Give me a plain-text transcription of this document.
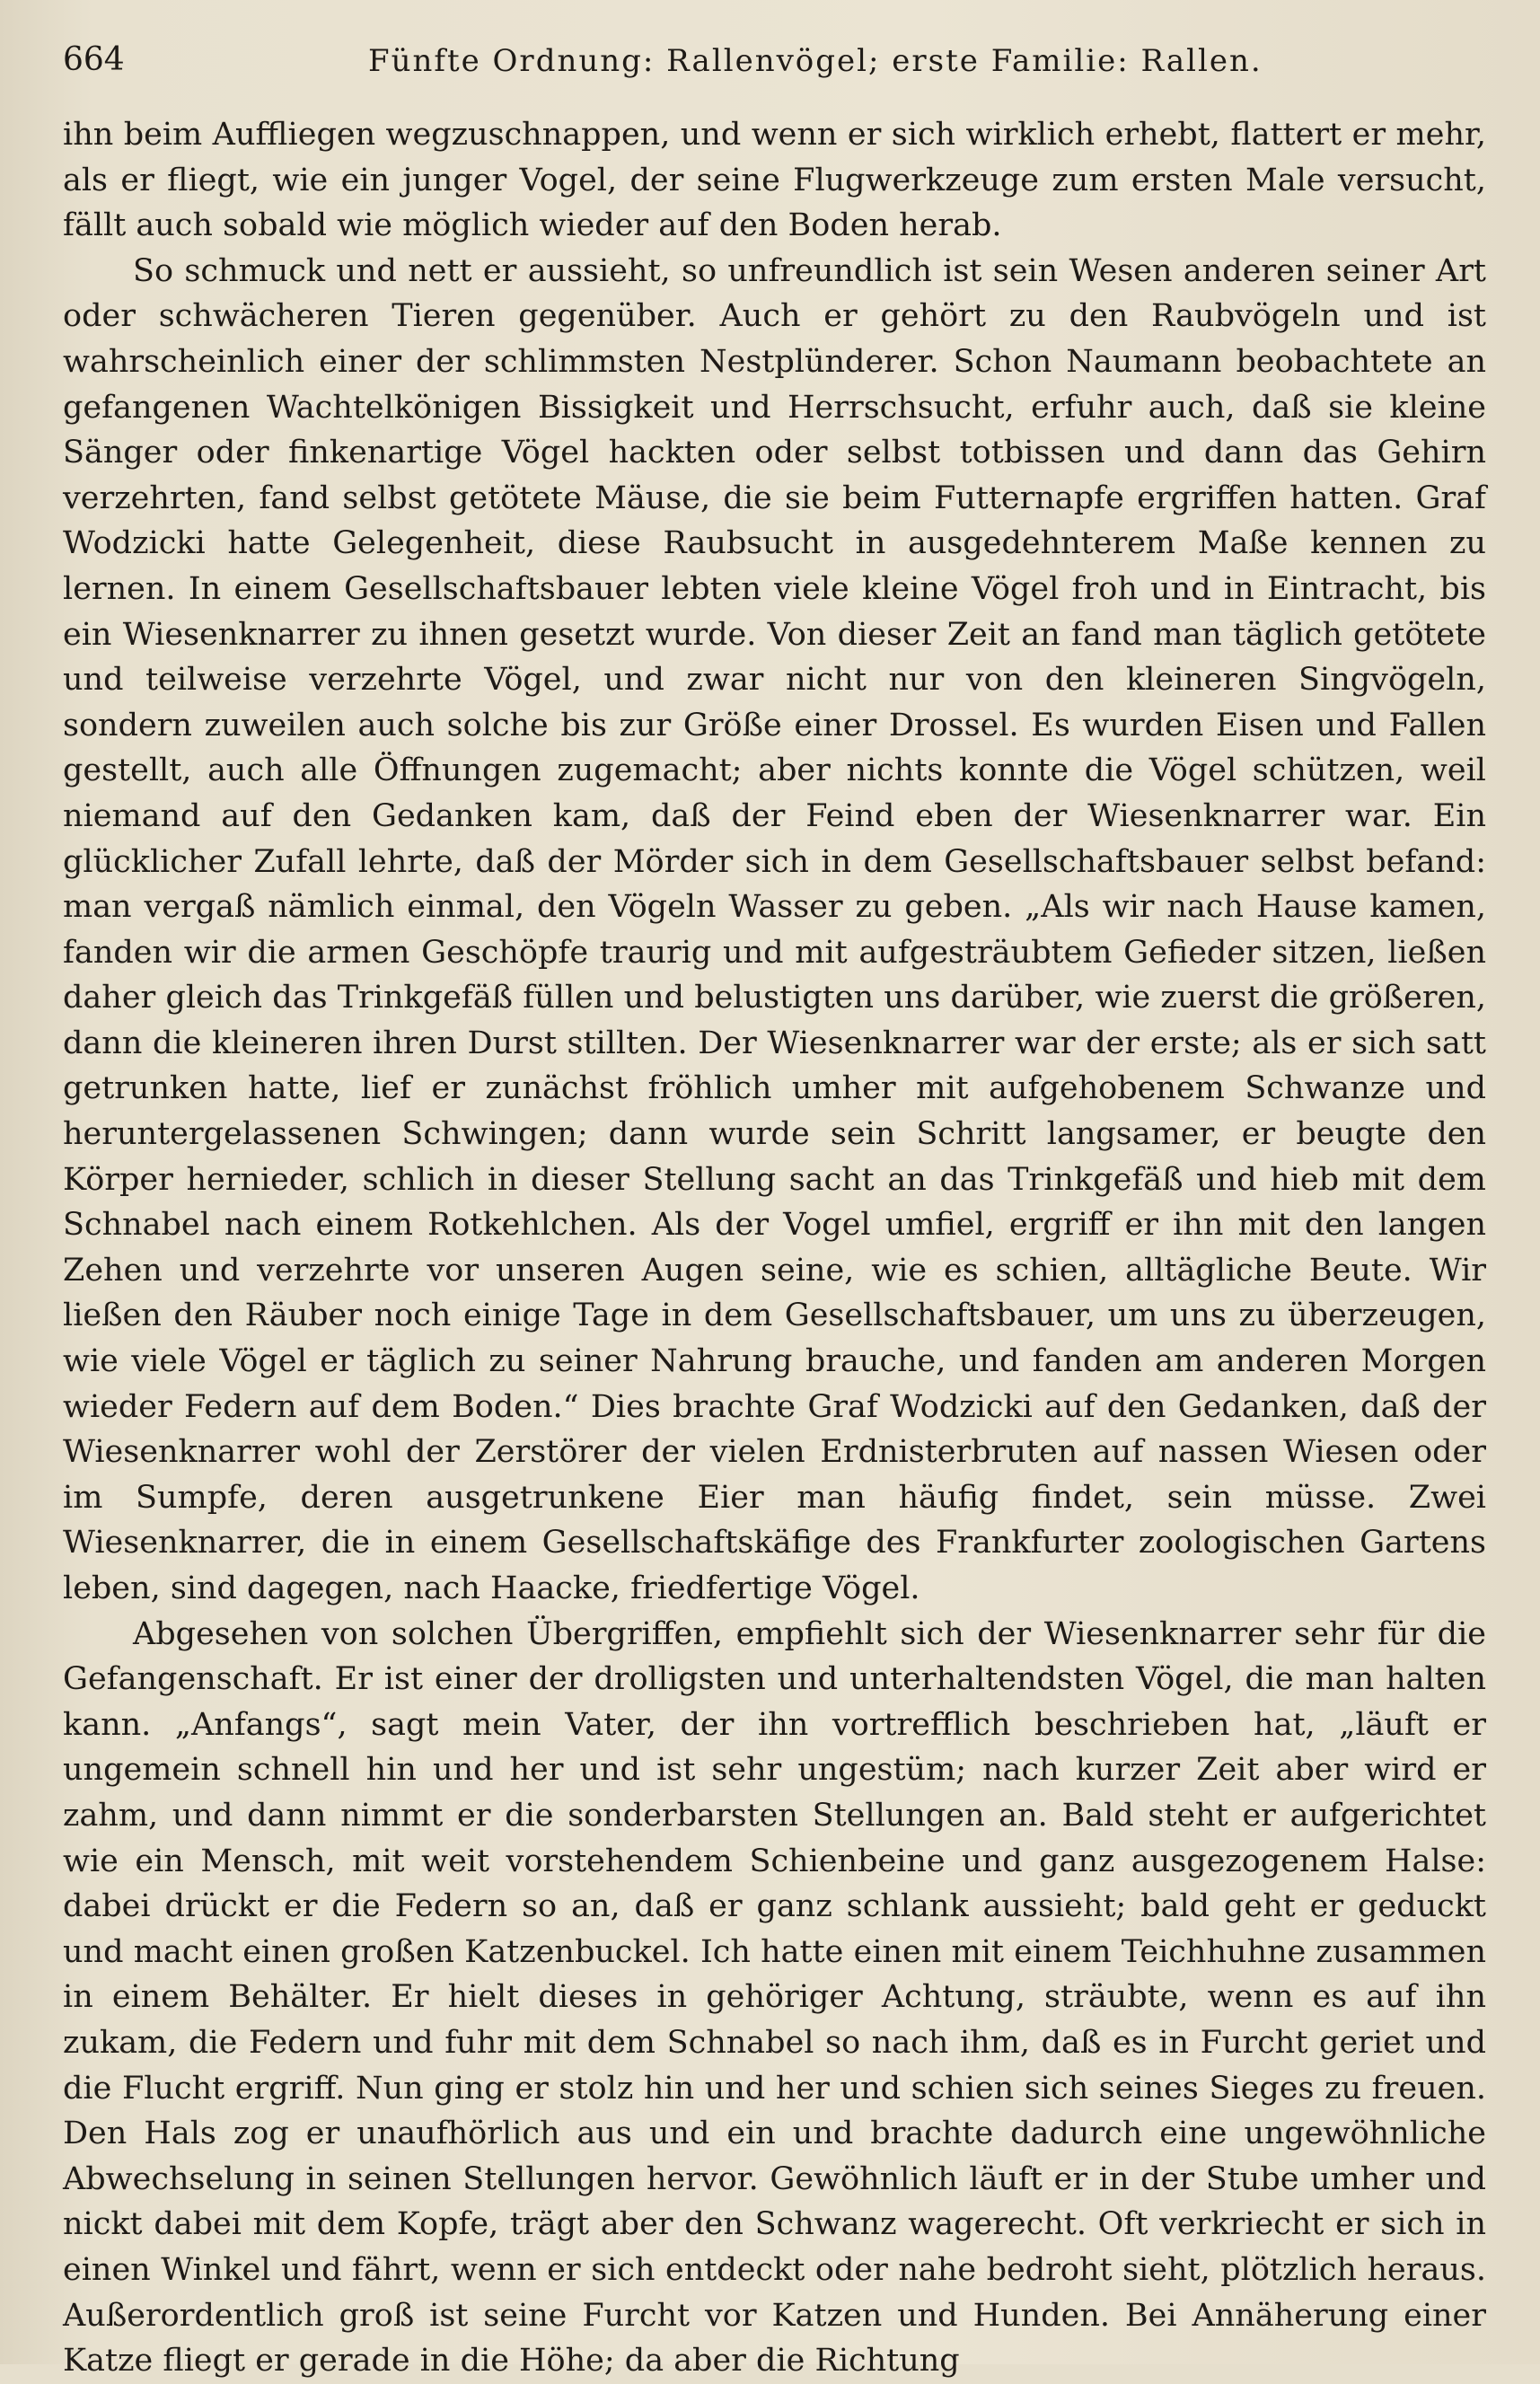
664	Fünfte Ordnung: Rallenvögel; erste Familie: Rallen.

ihn beim Auffliegen wegzuschnappen, und wenn er sich wirklich erhebt, flattert er mehr, als er fliegt, wie ein junger Vogel, der seine Flugwerkzeuge zum ersten Male versucht, fällt auch sobald wie möglich wieder auf den Boden herab.

So schmuck und nett er aussieht, so unfreundlich ist sein Wesen anderen seiner Art oder schwächeren Tieren gegenüber. Auch er gehört zu den Raubvögeln und ist wahrscheinlich einer der schlimmsten Nestplünderer. Schon Naumann beobachtete an gefangenen Wachtelkönigen Bissigkeit und Herrschsucht, erfuhr auch, daß sie kleine Sänger oder finkenartige Vögel hackten oder selbst totbissen und dann das Gehirn verzehrten, fand selbst getötete Mäuse, die sie beim Futternapfe ergriffen hatten. Graf Wodzicki hatte Gelegenheit, diese Raubsucht in ausgedehnterem Maße kennen zu lernen. In einem Gesellschaftsbauer lebten viele kleine Vögel froh und in Eintracht, bis ein Wiesenknarrer zu ihnen gesetzt wurde. Von dieser Zeit an fand man täglich getötete und teilweise verzehrte Vögel, und zwar nicht nur von den kleineren Singvögeln, sondern zuweilen auch solche bis zur Größe einer Drossel. Es wurden Eisen und Fallen gestellt, auch alle Öffnungen zugemacht; aber nichts konnte die Vögel schützen, weil niemand auf den Gedanken kam, daß der Feind eben der Wiesenknarrer war. Ein glücklicher Zufall lehrte, daß der Mörder sich in dem Gesellschaftsbauer selbst befand: man vergaß nämlich einmal, den Vögeln Wasser zu geben. „Als wir nach Hause kamen, fanden wir die armen Geschöpfe traurig und mit aufgesträubtem Gefieder sitzen, ließen daher gleich das Trinkgefäß füllen und belustigten uns darüber, wie zuerst die größeren, dann die kleineren ihren Durst stillten. Der Wiesenknarrer war der erste; als er sich satt getrunken hatte, lief er zunächst fröhlich umher mit aufgehobenem Schwanze und heruntergelassenen Schwingen; dann wurde sein Schritt langsamer, er beugte den Körper hernieder, schlich in dieser Stellung sacht an das Trinkgefäß und hieb mit dem Schnabel nach einem Rotkehlchen. Als der Vogel umfiel, ergriff er ihn mit den langen Zehen und verzehrte vor unseren Augen seine, wie es schien, alltägliche Beute. Wir ließen den Räuber noch einige Tage in dem Gesellschaftsbauer, um uns zu überzeugen, wie viele Vögel er täglich zu seiner Nahrung brauche, und fanden am anderen Morgen wieder Federn auf dem Boden.“ Dies brachte Graf Wodzicki auf den Gedanken, daß der Wiesenknarrer wohl der Zerstörer der vielen Erdnisterbruten auf nassen Wiesen oder im Sumpfe, deren ausgetrunkene Eier man häufig findet, sein müsse. Zwei Wiesenknarrer, die in einem Gesellschaftskäfige des Frankfurter zoologischen Gartens leben, sind dagegen, nach Haacke, friedfertige Vögel.

Abgesehen von solchen Übergriffen, empfiehlt sich der Wiesenknarrer sehr für die Gefangenschaft. Er ist einer der drolligsten und unterhaltendsten Vögel, die man halten kann. „Anfangs“, sagt mein Vater, der ihn vortrefflich beschrieben hat, „läuft er ungemein schnell hin und her und ist sehr ungestüm; nach kurzer Zeit aber wird er zahm, und dann nimmt er die sonderbarsten Stellungen an. Bald steht er aufgerichtet wie ein Mensch, mit weit vorstehendem Schienbeine und ganz ausgezogenem Halse: dabei drückt er die Federn so an, daß er ganz schlank aussieht; bald geht er geduckt und macht einen großen Katzenbuckel. Ich hatte einen mit einem Teichhuhne zusammen in einem Behälter. Er hielt dieses in gehöriger Achtung, sträubte, wenn es auf ihn zukam, die Federn und fuhr mit dem Schnabel so nach ihm, daß es in Furcht geriet und die Flucht ergriff. Nun ging er stolz hin und her und schien sich seines Sieges zu freuen. Den Hals zog er unaufhörlich aus und ein und brachte dadurch eine ungewöhnliche Abwechselung in seinen Stellungen hervor. Gewöhnlich läuft er in der Stube umher und nickt dabei mit dem Kopfe, trägt aber den Schwanz wagerecht. Oft verkriecht er sich in einen Winkel und fährt, wenn er sich entdeckt oder nahe bedroht sieht, plötzlich heraus. Außerordentlich groß ist seine Furcht vor Katzen und Hunden. Bei Annäherung einer Katze fliegt er gerade in die Höhe; da aber die Richtung
